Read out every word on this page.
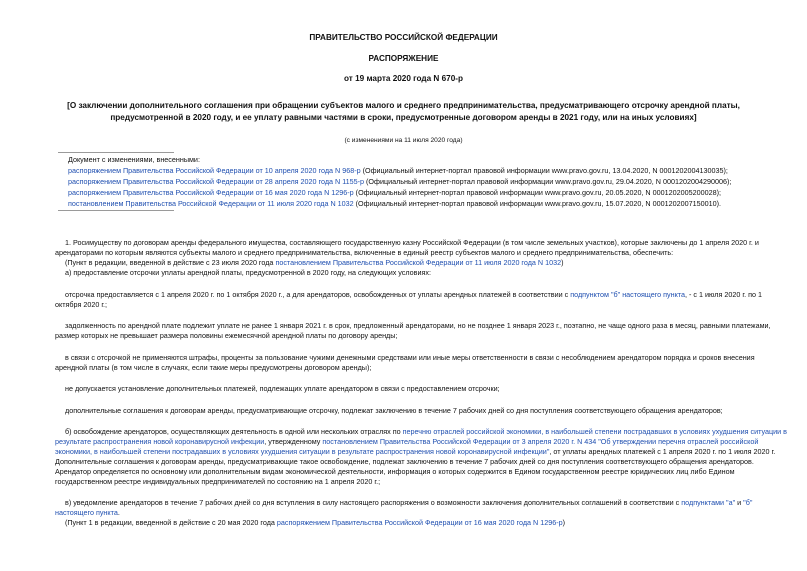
ПРАВИТЕЛЬСТВО РОССИЙСКОЙ ФЕДЕРАЦИИ
РАСПОРЯЖЕНИЕ
от 19 марта 2020 года N 670-р
[О заключении дополнительного соглашения при обращении субъектов малого и среднего предпринимательства, предусматривающего отсрочку арендной платы,
предусмотренной в 2020 году, и ее уплату равными частями в сроки, предусмотренные договором аренды в 2021 году, или на иных условиях]
(с изменениями на 11 июля 2020 года)
Документ с изменениями, внесенными:
распоряжением Правительства Российской Федерации от 10 апреля 2020 года N 968-р (Официальный интернет-портал правовой информации www.pravo.gov.ru, 13.04.2020, N 0001202004130035);
распоряжением Правительства Российской Федерации от 28 апреля 2020 года N 1155-р (Официальный интернет-портал правовой информации www.pravo.gov.ru, 29.04.2020, N 0001202004290006);
распоряжением Правительства Российской Федерации от 16 мая 2020 года N 1296-р (Официальный интернет-портал правовой информации www.pravo.gov.ru, 20.05.2020, N 0001202005200028);
постановлением Правительства Российской Федерации от 11 июля 2020 года N 1032 (Официальный интернет-портал правовой информации www.pravo.gov.ru, 15.07.2020, N 0001202007150010).
1. Росимуществу по договорам аренды федерального имущества, составляющего государственную казну Российской Федерации (в том числе земельных участков), которые заключены до 1 апреля 2020 г. и
арендаторами по которым являются субъекты малого и среднего предпринимательства, включенные в единый реестр субъектов малого и среднего предпринимательства, обеспечить:
(Пункт в редакции, введенной в действие с 23 июля 2020 года постановлением Правительства Российской Федерации от 11 июля 2020 года N 1032)
а) предоставление отсрочки уплаты арендной платы, предусмотренной в 2020 году, на следующих условиях:
отсрочка предоставляется с 1 апреля 2020 г. по 1 октября 2020 г., а для арендаторов, освобожденных от уплаты арендных платежей в соответствии с подпунктом "б" настоящего пункта, - с 1 июля 2020 г. по 1
октября 2020 г.;
задолженность по арендной плате подлежит уплате не ранее 1 января 2021 г. в срок, предложенный арендаторами, но не позднее 1 января 2023 г., поэтапно, не чаще одного раза в месяц, равными платежами,
размер которых не превышает размера половины ежемесячной арендной платы по договору аренды;
в связи с отсрочкой не применяются штрафы, проценты за пользование чужими денежными средствами или иные меры ответственности в связи с несоблюдением арендатором порядка и сроков внесения
арендной платы (в том числе в случаях, если такие меры предусмотрены договором аренды);
не допускается установление дополнительных платежей, подлежащих уплате арендатором в связи с предоставлением отсрочки;
дополнительные соглашения к договорам аренды, предусматривающие отсрочку, подлежат заключению в течение 7 рабочих дней со дня поступления соответствующего обращения арендаторов;
б) освобождение арендаторов, осуществляющих деятельность в одной или нескольких отраслях по перечню отраслей российской экономики, в наибольшей степени пострадавших в условиях ухудшения ситуации в
результате распространения новой коронавирусной инфекции, утвержденному постановлением Правительства Российской Федерации от 3 апреля 2020 г. N 434 "Об утверждении перечня отраслей российской
экономики, в наибольшей степени пострадавших в условиях ухудшения ситуации в результате распространения новой коронавирусной инфекции", от уплаты арендных платежей с 1 апреля 2020 г. по 1 июля 2020 г.
Дополнительные соглашения к договорам аренды, предусматривающие такое освобождение, подлежат заключению в течение 7 рабочих дней со дня поступления соответствующего обращения арендаторов.
Арендатор определяется по основному или дополнительным видам экономической деятельности, информация о которых содержится в Едином государственном реестре юридических лиц либо Едином
государственном реестре индивидуальных предпринимателей по состоянию на 1 апреля 2020 г.;
в) уведомление арендаторов в течение 7 рабочих дней со дня вступления в силу настоящего распоряжения о возможности заключения дополнительных соглашений в соответствии с подпунктами "а" и "б"
настоящего пункта.
(Пункт 1 в редакции, введенной в действие с 20 мая 2020 года распоряжением Правительства Российской Федерации от 16 мая 2020 года N 1296-р)
